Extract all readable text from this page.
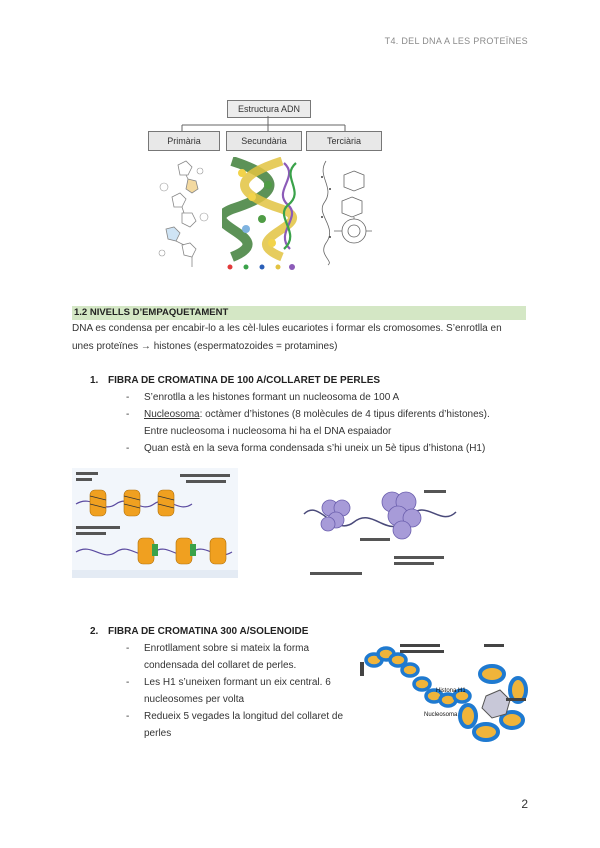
T4. DEL DNA A LES PROTEÏNES
Estructura ADN
Primària	Secundària	Terciària
1.2 NIVELLS D’EMPAQUETAMENT
DNA es condensa per encabir-lo a les cèl·lules eucariotes i formar els cromosomes. S’enrotlla en
unes proteïnes → histones (espermatozoides = protamines)
1. FIBRA DE CROMATINA DE 100 A/COLLARET DE PERLES
- S’enrotlla a les histones formant un nucleosoma de 100 A
- Nucleosoma: octàmer d’histones (8 molècules de 4 tipus diferents d’histones).
Entre nucleosoma i nucleosoma hi ha el DNA espaiador
- Quan està en la seva forma condensada s’hi uneix un 5è tipus d’histona (H1)
2. FIBRA DE CROMATINA 300 A/SOLENOIDE
- Enrotllament sobre si mateix la forma
condensada del collaret de perles.
- Les H1 s’uneixen formant un eix central. 6
nucleosomes per volta
- Redueix 5 vegades la longitud del collaret de
perles
Histona H1
Nucleosoma
2
